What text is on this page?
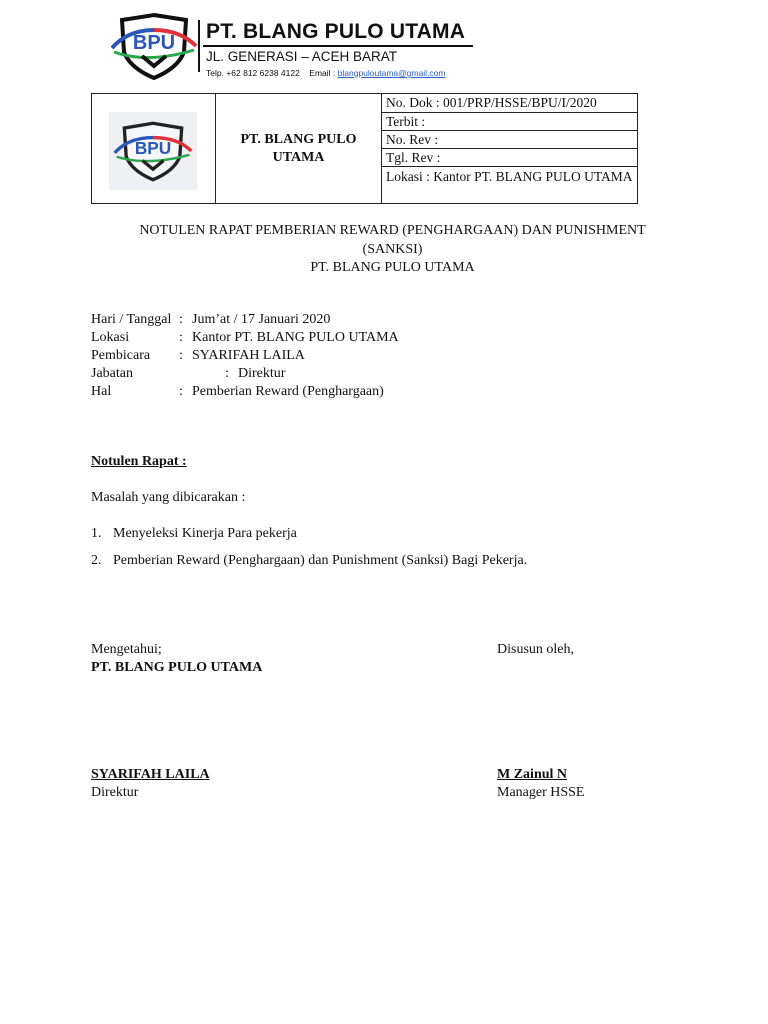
BPU PT. BLANG PULO UTAMA
JL. GENERASI – ACEH BARAT
Telp. +62 812 6238 4122 Email : blangpuloutama@gmail.com
BPU	PT. BLANG PULO
UTAMA
No. Dok : 001/PRP/HSSE/BPU/I/2020
Terbit :
No. Rev :
Tgl. Rev :
Lokasi : Kantor PT. BLANG PULO UTAMA
NOTULEN RAPAT PEMBERIAN REWARD (PENGHARGAAN) DAN PUNISHMENT
(SANKSI)
PT. BLANG PULO UTAMA
Hari / Tanggal : Jum’at / 17 Januari 2020
Lokasi	: Kantor PT. BLANG PULO UTAMA
Pembicara : SYARIFAH LAILA
Jabatan	: Direktur
Hal	: Pemberian Reward (Penghargaan)
Notulen Rapat :
Masalah yang dibicarakan :
1. Menyeleksi Kinerja Para pekerja
2. Pemberian Reward (Penghargaan) dan Punishment (Sanksi) Bagi Pekerja.
Mengetahui;
PT. BLANG PULO UTAMA
SYARIFAH LAILA
Direktur
Disusun oleh,
M Zainul N
Manager HSSE
